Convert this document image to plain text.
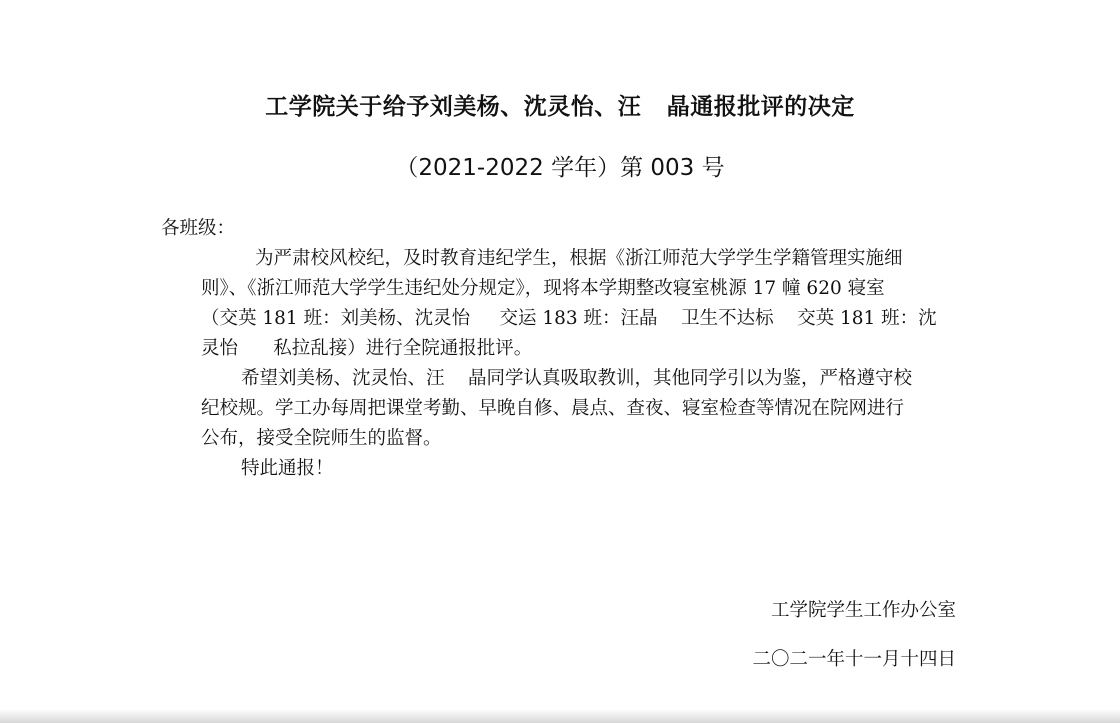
工学院关于给予刘美杨、沈灵怡、汪   晶通报批评的决定
（2021-2022 学年）第 003 号
各班级：
为严肃校风校纪，及时教育违纪学生，根据《浙江师范大学学生学籍管理实施细
则》、《浙江师范大学学生违纪处分规定》，现将本学期整改寝室桃源 17 幢 620 寝室
（交英 181 班：刘美杨、沈灵怡     交运 183 班：汪晶    卫生不达标    交英 181 班：沈
灵怡      私拉乱接）进行全院通报批评。
希望刘美杨、沈灵怡、汪    晶同学认真吸取教训，其他同学引以为鉴，严格遵守校
纪校规。学工办每周把课堂考勤、早晚自修、晨点、查夜、寝室检查等情况在院网进行
公布，接受全院师生的监督。
特此通报！
工学院学生工作办公室
二〇二一年十一月十四日
